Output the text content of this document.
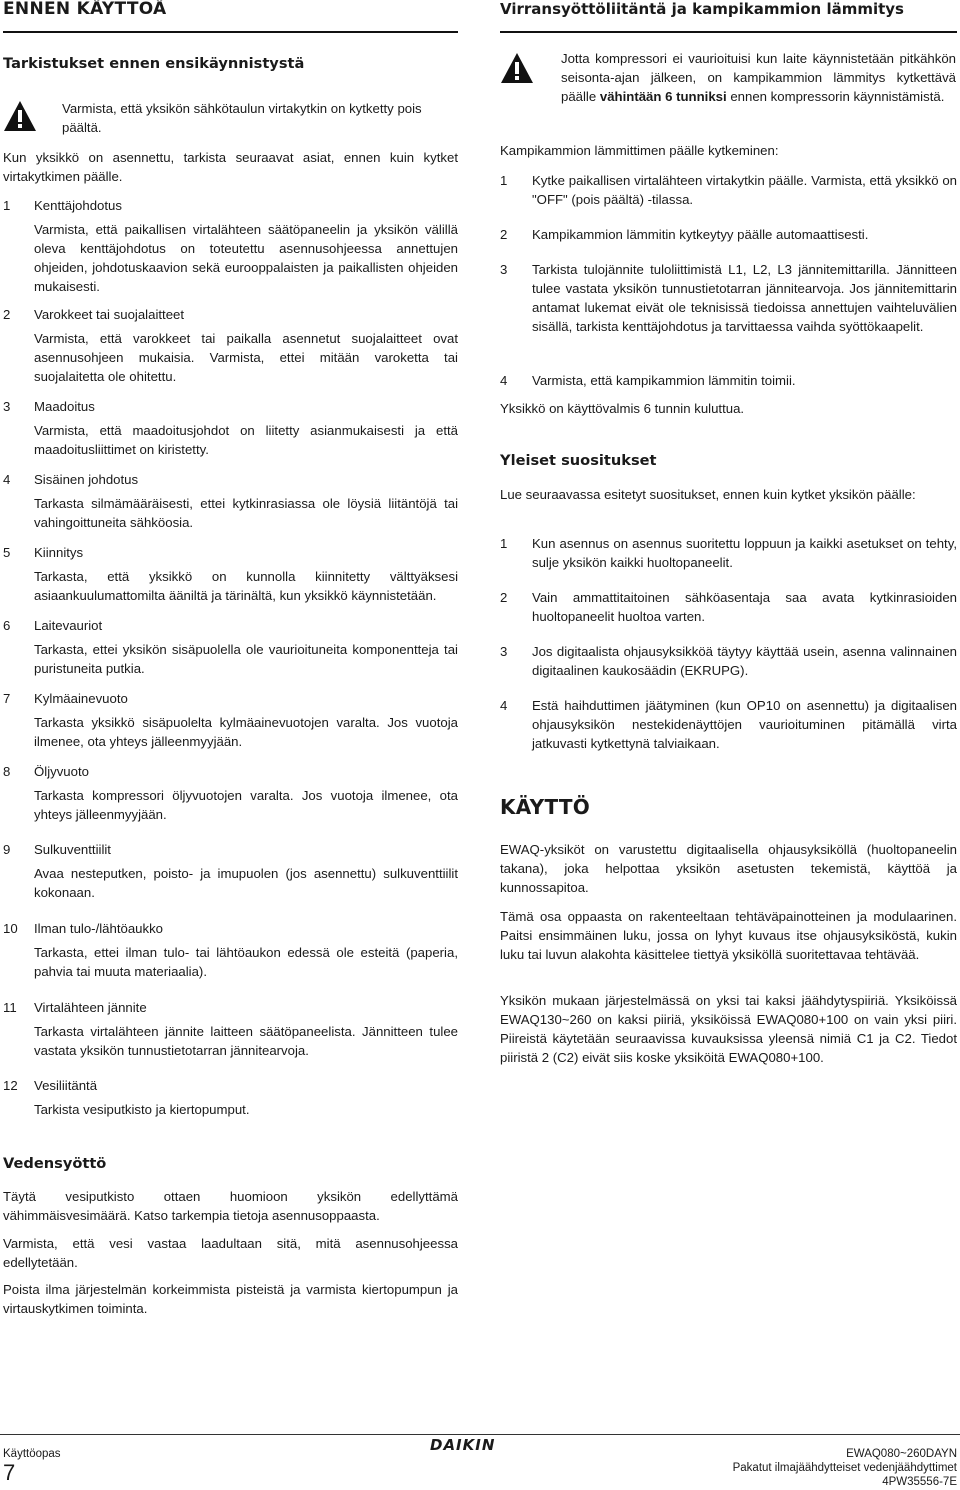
ENNEN KÄYTTÖÄ
Tarkistukset ennen ensikäynnistystä

Varmista, että yksikön sähkötaulun virtakytkin on kytketty pois päältä.

Kun yksikkö on asennettu, tarkista seuraavat asiat, ennen kuin kytket virtakytkimen päälle.

1	Kenttäjohdotus

Varmista, että paikallisen virtalähteen säätöpaneelin ja yksikön välillä oleva kenttäjohdotus on toteutettu asennusohjeessa annettujen ohjeiden, johdotuskaavion sekä eurooppalaisten ja paikallisten ohjeiden mukaisesti.

2	Varokkeet tai suojalaitteet

Varmista, että varokkeet tai paikalla asennetut suojalaitteet ovat asennusohjeen mukaisia. Varmista, ettei mitään varoketta tai suojalaitetta ole ohitettu.

3	Maadoitus

Varmista, että maadoitusjohdot on liitetty asianmukaisesti ja että maadoitusliittimet on kiristetty.

4	Sisäinen johdotus

Tarkasta silmämääräisesti, ettei kytkinrasiassa ole löysiä liitäntöjä tai vahingoittuneita sähköosia.

5	Kiinnitys

Tarkasta, että yksikkö on kunnolla kiinnitetty välttyäksesi asiaankuulumattomilta ääniltä ja tärinältä, kun yksikkö käynnistetään.

6	Laitevauriot

Tarkasta, ettei yksikön sisäpuolella ole vaurioituneita komponentteja tai puristuneita putkia.

7	Kylmäainevuoto

Tarkasta yksikkö sisäpuolelta kylmäainevuotojen varalta. Jos vuotoja ilmenee, ota yhteys jälleenmyyjään.

8	Öljyvuoto

Tarkasta kompressori öljyvuotojen varalta. Jos vuotoja ilmenee, ota yhteys jälleenmyyjään.

9	Sulkuventtiilit

Avaa nesteputken, poisto- ja imupuolen (jos asennettu) sulkuventtiilit kokonaan.

10	Ilman tulo-/lähtöaukko

Tarkasta, ettei ilman tulo- tai lähtöaukon edessä ole esteitä (paperia, pahvia tai muuta materiaalia).

11	Virtalähteen jännite

Tarkasta virtalähteen jännite laitteen säätöpaneelista. Jännitteen tulee vastata yksikön tunnustietotarran jännitearvoja.

12	Vesiliitäntä

Tarkista vesiputkisto ja kiertopumput.

Vedensyöttö

Täytä vesiputkisto ottaen huomioon yksikön edellyttämä vähimmäisvesimäärä. Katso tarkempia tietoja asennusoppaasta.

Varmista, että vesi vastaa laadultaan sitä, mitä asennusohjeessa edellytetään.

Poista ilma järjestelmän korkeimmista pisteistä ja varmista kiertopumpun ja virtauskytkimen toiminta.

Virransyöttöliitäntä ja kampikammion lämmitys

Jotta kompressori ei vaurioituisi kun laite käynnistetään pitkähkön seisonta-ajan jälkeen, on kampikammion lämmitys kytkettävä päälle vähintään 6 tunniksi ennen kompressorin käynnistämistä.

Kampikammion lämmittimen päälle kytkeminen:

1	Kytke paikallisen virtalähteen virtakytkin päälle. Varmista, että yksikkö on "OFF" (pois päältä) -tilassa.

2	Kampikammion lämmitin kytkeytyy päälle automaattisesti.

3	Tarkista tulojännite tuloliittimistä L1, L2, L3 jännitemittarilla. Jännitteen tulee vastata yksikön tunnustietotarran jännitearvoja. Jos jännitemittarin antamat lukemat eivät ole teknisissä tiedoissa annettujen vaihteluvälien sisällä, tarkista kenttäjohdotus ja tarvittaessa vaihda syöttökaapelit.

4	Varmista, että kampikammion lämmitin toimii.

Yksikkö on käyttövalmis 6 tunnin kuluttua.

Yleiset suositukset

Lue seuraavassa esitetyt suositukset, ennen kuin kytket yksikön päälle:

1	Kun asennus on asennus suoritettu loppuun ja kaikki asetukset on tehty, sulje yksikön kaikki huoltopaneelit.

2	Vain ammattitaitoinen sähköasentaja saa avata kytkinrasioiden huoltopaneelit huoltoa varten.

3	Jos digitaalista ohjausyksikköä täytyy käyttää usein, asenna valinnainen digitaalinen kaukosäädin (EKRUPG).

4	Estä haihduttimen jäätyminen (kun OP10 on asennettu) ja digitaalisen ohjausyksikön nestekidenäyttöjen vaurioituminen pitämällä virta jatkuvasti kytkettynä talviaikaan.

KÄYTTÖ

EWAQ-yksiköt on varustettu digitaalisella ohjausyksiköllä (huoltopaneelin takana), joka helpottaa yksikön asetusten tekemistä, käyttöä ja kunnossapitoa.

Tämä osa oppaasta on rakenteeltaan tehtäväpainotteinen ja modulaarinen. Paitsi ensimmäinen luku, jossa on lyhyt kuvaus itse ohjausyksiköstä, kukin luku tai luvun alakohta käsittelee tiettyä yksiköllä suoritettavaa tehtävää.

Yksikön mukaan järjestelmässä on yksi tai kaksi jäähdytyspiiriä. Yksiköissä EWAQ130~260 on kaksi piiriä, yksiköissä EWAQ080+100 on vain yksi piiri. Piireistä käytetään seuraavissa kuvauksissa yleensä nimiä C1 ja C2. Tiedot piiristä 2 (C2) eivät siis koske yksiköitä EWAQ080+100.

Käyttöopas
7
DAIKIN	EWAQ080~260DAYN
Pakatut ilmajäähdytteiset vedenjäähdyttimet
4PW35556-7E
